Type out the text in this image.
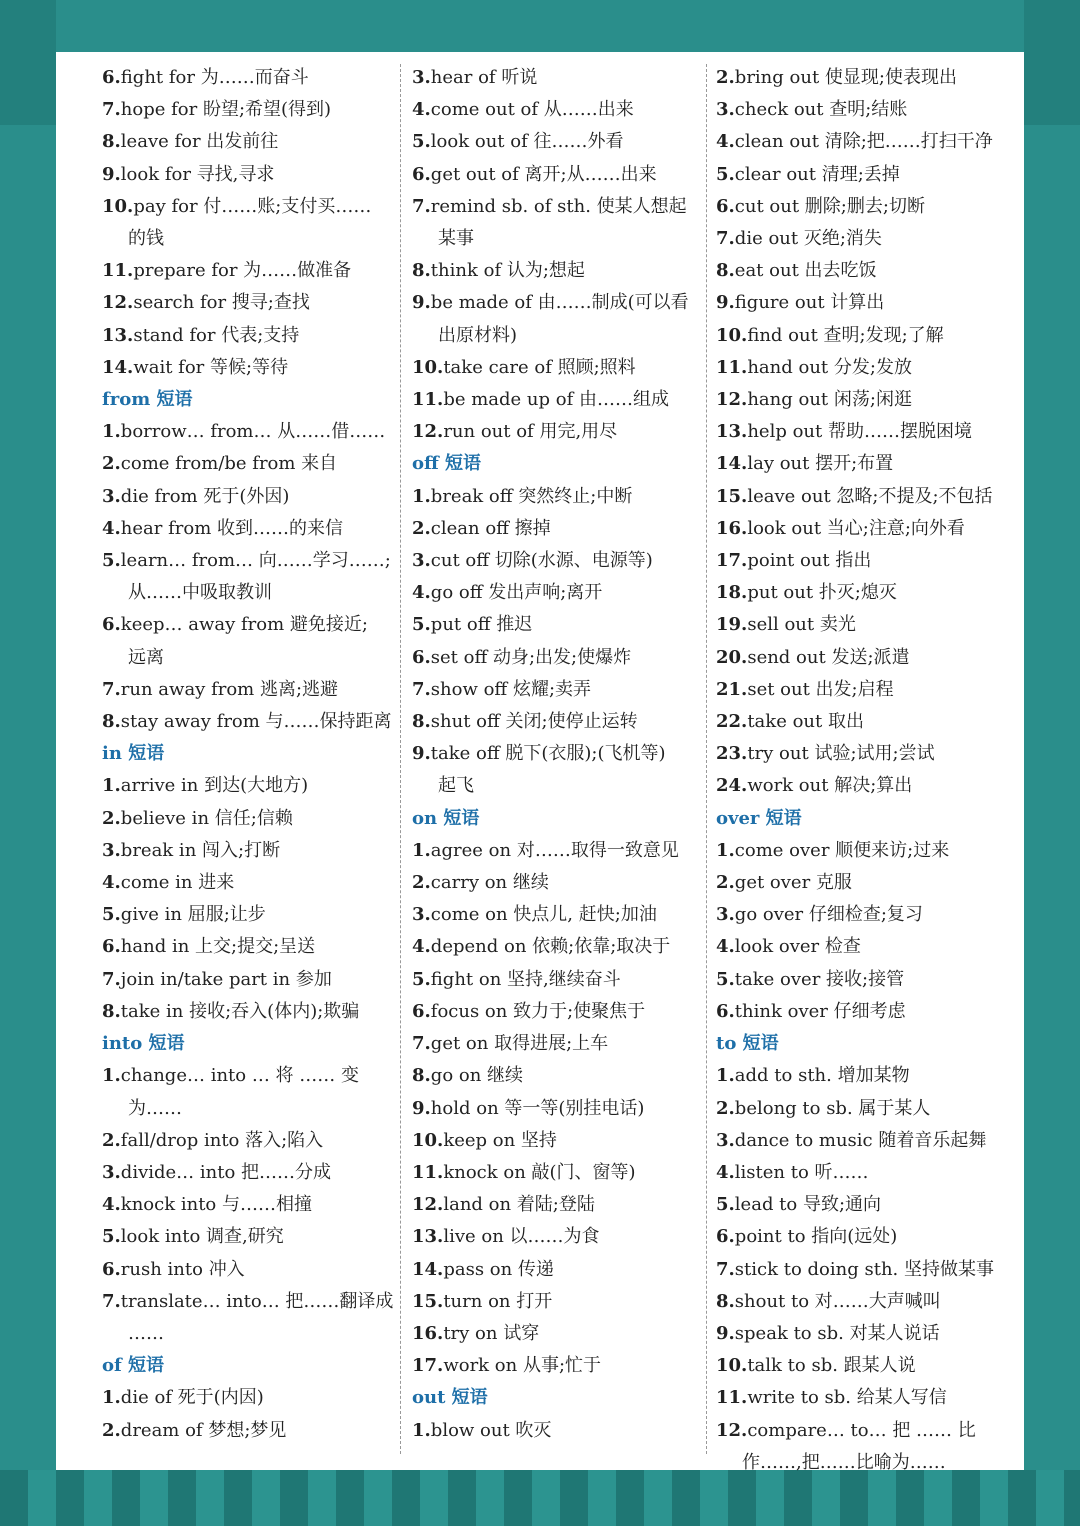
6.fight for 为……而奋斗
7.hope for 盼望;希望(得到)
8.leave for 出发前往
9.look for 寻找,寻求
10.pay for 付……账;支付买……
的钱
11.prepare for 为……做准备
12.search for 搜寻;查找
13.stand for 代表;支持
14.wait for 等候;等待
from 短语
1.borrow… from… 从……借……
2.come from/be from 来自
3.die from 死于(外因)
4.hear from 收到……的来信
5.learn… from… 向……学习……;
从……中吸取教训
6.keep… away from 避免接近;
远离
7.run away from 逃离;逃避
8.stay away from 与……保持距离
in 短语
1.arrive in 到达(大地方)
2.believe in 信任;信赖
3.break in 闯入;打断
4.come in 进来
5.give in 屈服;让步
6.hand in 上交;提交;呈送
7.join in/take part in 参加
8.take in 接收;吞入(体内);欺骗
into 短语
1.change… into … 将 …… 变
为……
2.fall/drop into 落入;陷入
3.divide… into 把……分成
4.knock into 与……相撞
5.look into 调查,研究
6.rush into 冲入
7.translate… into… 把……翻译成
……
of 短语
1.die of 死于(内因)
2.dream of 梦想;梦见
3.hear of 听说
4.come out of 从……出来
5.look out of 往……外看
6.get out of 离开;从……出来
7.remind sb. of sth. 使某人想起
某事
8.think of 认为;想起
9.be made of 由……制成(可以看
出原材料)
10.take care of 照顾;照料
11.be made up of 由……组成
12.run out of 用完,用尽
off 短语
1.break off 突然终止;中断
2.clean off 擦掉
3.cut off 切除(水源、电源等)
4.go off 发出声响;离开
5.put off 推迟
6.set off 动身;出发;使爆炸
7.show off 炫耀;卖弄
8.shut off 关闭;使停止运转
9.take off 脱下(衣服);(飞机等)
起飞
on 短语
1.agree on 对……取得一致意见
2.carry on 继续
3.come on 快点儿, 赶快;加油
4.depend on 依赖;依靠;取决于
5.fight on 坚持,继续奋斗
6.focus on 致力于;使聚焦于
7.get on 取得进展;上车
8.go on 继续
9.hold on 等一等(别挂电话)
10.keep on 坚持
11.knock on 敲(门、窗等)
12.land on 着陆;登陆
13.live on 以……为食
14.pass on 传递
15.turn on 打开
16.try on 试穿
17.work on 从事;忙于
out 短语
1.blow out 吹灭
2.bring out 使显现;使表现出
3.check out 查明;结账
4.clean out 清除;把……打扫干净
5.clear out 清理;丢掉
6.cut out 删除;删去;切断
7.die out 灭绝;消失
8.eat out 出去吃饭
9.figure out 计算出
10.find out 查明;发现;了解
11.hand out 分发;发放
12.hang out 闲荡;闲逛
13.help out 帮助……摆脱困境
14.lay out 摆开;布置
15.leave out 忽略;不提及;不包括
16.look out 当心;注意;向外看
17.point out 指出
18.put out 扑灭;熄灭
19.sell out 卖光
20.send out 发送;派遣
21.set out 出发;启程
22.take out 取出
23.try out 试验;试用;尝试
24.work out 解决;算出
over 短语
1.come over 顺便来访;过来
2.get over 克服
3.go over 仔细检查;复习
4.look over 检查
5.take over 接收;接管
6.think over 仔细考虑
to 短语
1.add to sth. 增加某物
2.belong to sb. 属于某人
3.dance to music 随着音乐起舞
4.listen to 听……
5.lead to 导致;通向
6.point to 指向(远处)
7.stick to doing sth. 坚持做某事
8.shout to 对……大声喊叫
9.speak to sb. 对某人说话
10.talk to sb. 跟某人说
11.write to sb. 给某人写信
12.compare… to… 把 …… 比
作……,把……比喻为……
